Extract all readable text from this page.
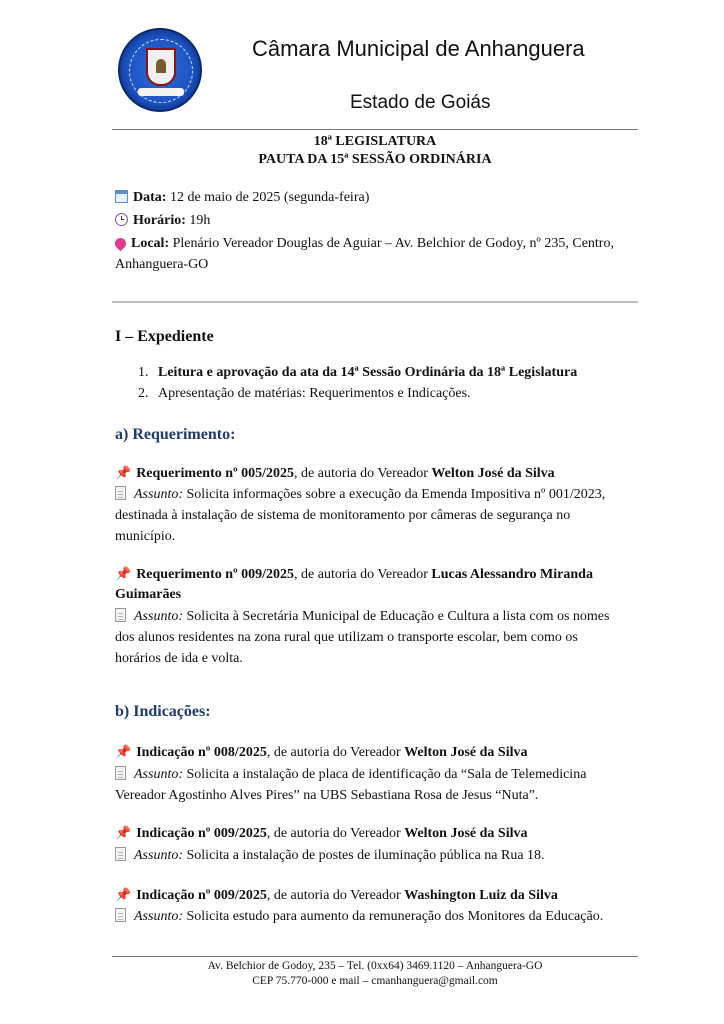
Câmara Municipal de Anhanguera
Estado de Goiás
18ª LEGISLATURA
PAUTA DA 15ª SESSÃO ORDINÁRIA
Data: 12 de maio de 2025 (segunda-feira)
Horário: 19h
Local: Plenário Vereador Douglas de Aguiar – Av. Belchior de Godoy, nº 235, Centro,
Anhanguera-GO
I – Expediente
1. Leitura e aprovação da ata da 14ª Sessão Ordinária da 18ª Legislatura
2. Apresentação de matérias: Requerimentos e Indicações.
a) Requerimento:
📌 Requerimento nº 005/2025, de autoria do Vereador Welton José da Silva
Assunto: Solicita informações sobre a execução da Emenda Impositiva nº 001/2023,
destinada à instalação de sistema de monitoramento por câmeras de segurança no
município.
📌 Requerimento nº 009/2025, de autoria do Vereador Lucas Alessandro Miranda
Guimarães
Assunto: Solicita à Secretária Municipal de Educação e Cultura a lista com os nomes
dos alunos residentes na zona rural que utilizam o transporte escolar, bem como os
horários de ida e volta.
b) Indicações:
📌 Indicação nº 008/2025, de autoria do Vereador Welton José da Silva
Assunto: Solicita a instalação de placa de identificação da “Sala de Telemedicina
Vereador Agostinho Alves Pires” na UBS Sebastiana Rosa de Jesus “Nuta”.
📌 Indicação nº 009/2025, de autoria do Vereador Welton José da Silva
Assunto: Solicita a instalação de postes de iluminação pública na Rua 18.
📌 Indicação nº 009/2025, de autoria do Vereador Washington Luiz da Silva
Assunto: Solicita estudo para aumento da remuneração dos Monitores da Educação.
Av. Belchior de Godoy, 235 – Tel. (0xx64) 3469.1120 – Anhanguera-GO
CEP 75.770-000 e mail – cmanhanguera@gmail.com
